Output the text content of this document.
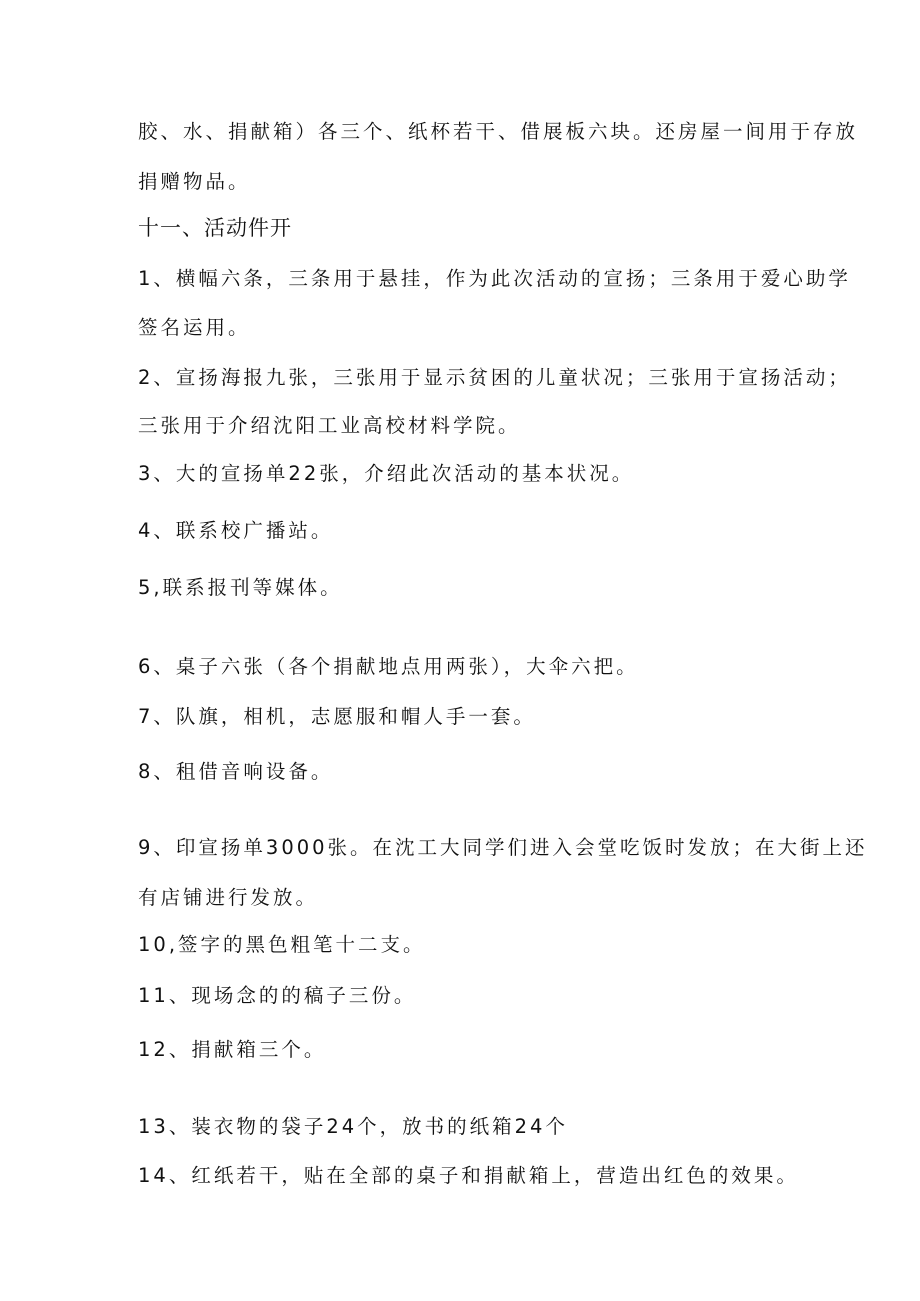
胶、水、捐献箱）各三个、纸杯若干、借展板六块。还房屋一间用于存放
捐赠物品。
十一、活动件开
1、横幅六条，三条用于悬挂，作为此次活动的宣扬；三条用于爱心助学
签名运用。
2、宣扬海报九张，三张用于显示贫困的儿童状况；三张用于宣扬活动；
三张用于介绍沈阳工业高校材料学院。
3、大的宣扬单22张，介绍此次活动的基本状况。
4、联系校广播站。
5,联系报刊等媒体。
6、桌子六张（各个捐献地点用两张），大伞六把。
7、队旗，相机，志愿服和帽人手一套。
8、租借音响设备。
9、印宣扬单3000张。在沈工大同学们进入会堂吃饭时发放；在大街上还
有店铺进行发放。
10,签字的黑色粗笔十二支。
11、现场念的的稿子三份。
12、捐献箱三个。
13、装衣物的袋子24个，放书的纸箱24个
14、红纸若干，贴在全部的桌子和捐献箱上，营造出红色的效果。
